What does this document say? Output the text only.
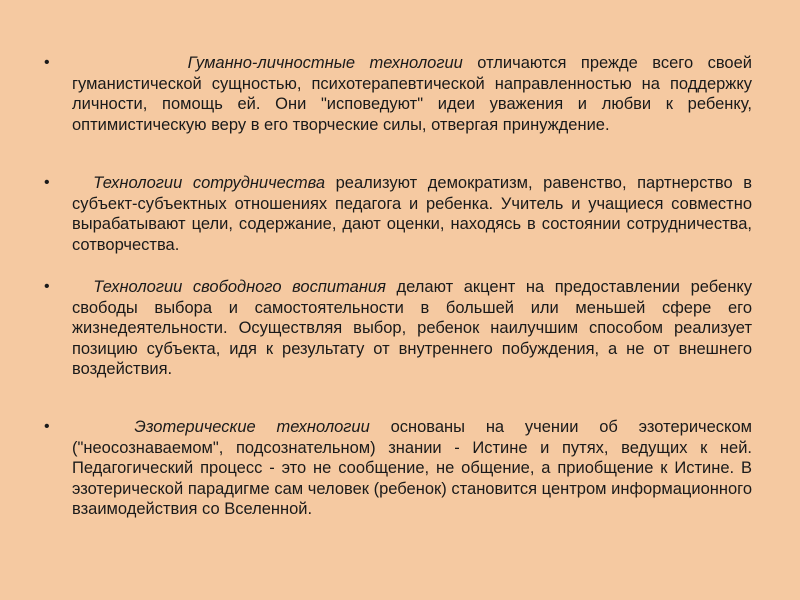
•	Гуманно-личностные технологии отличаются прежде всего своей гуманистической сущностью, психотерапевтической направленностью на поддержку личности, помощь ей. Они "исповедуют" идеи уважения и любви к ребенку, оптимистическую веру в его творческие силы, отвергая принуждение.
•	Технологии сотрудничества реализуют демократизм, равенство, партнерство в субъект-субъектных отношениях педагога и ребенка. Учитель и учащиеся совместно вырабатывают цели, содержание, дают оценки, находясь в состоянии сотрудничества, сотворчества.
•	Технологии свободного воспитания делают акцент на предоставлении ребенку свободы выбора и самостоятельности в большей или меньшей сфере его жизнедеятельности. Осуществляя выбор, ребенок наилучшим способом реализует позицию субъекта, идя к результату от внутреннего побуждения, а не от внешнего воздействия.
•	Эзотерические технологии основаны на учении об эзотерическом ("неосознаваемом", подсознательном) знании - Истине и путях, ведущих к ней. Педагогический процесс - это не сообщение, не общение, а приобщение к Истине. В эзотерической парадигме сам человек (ребенок) становится центром информационного взаимодействия со Вселенной.
